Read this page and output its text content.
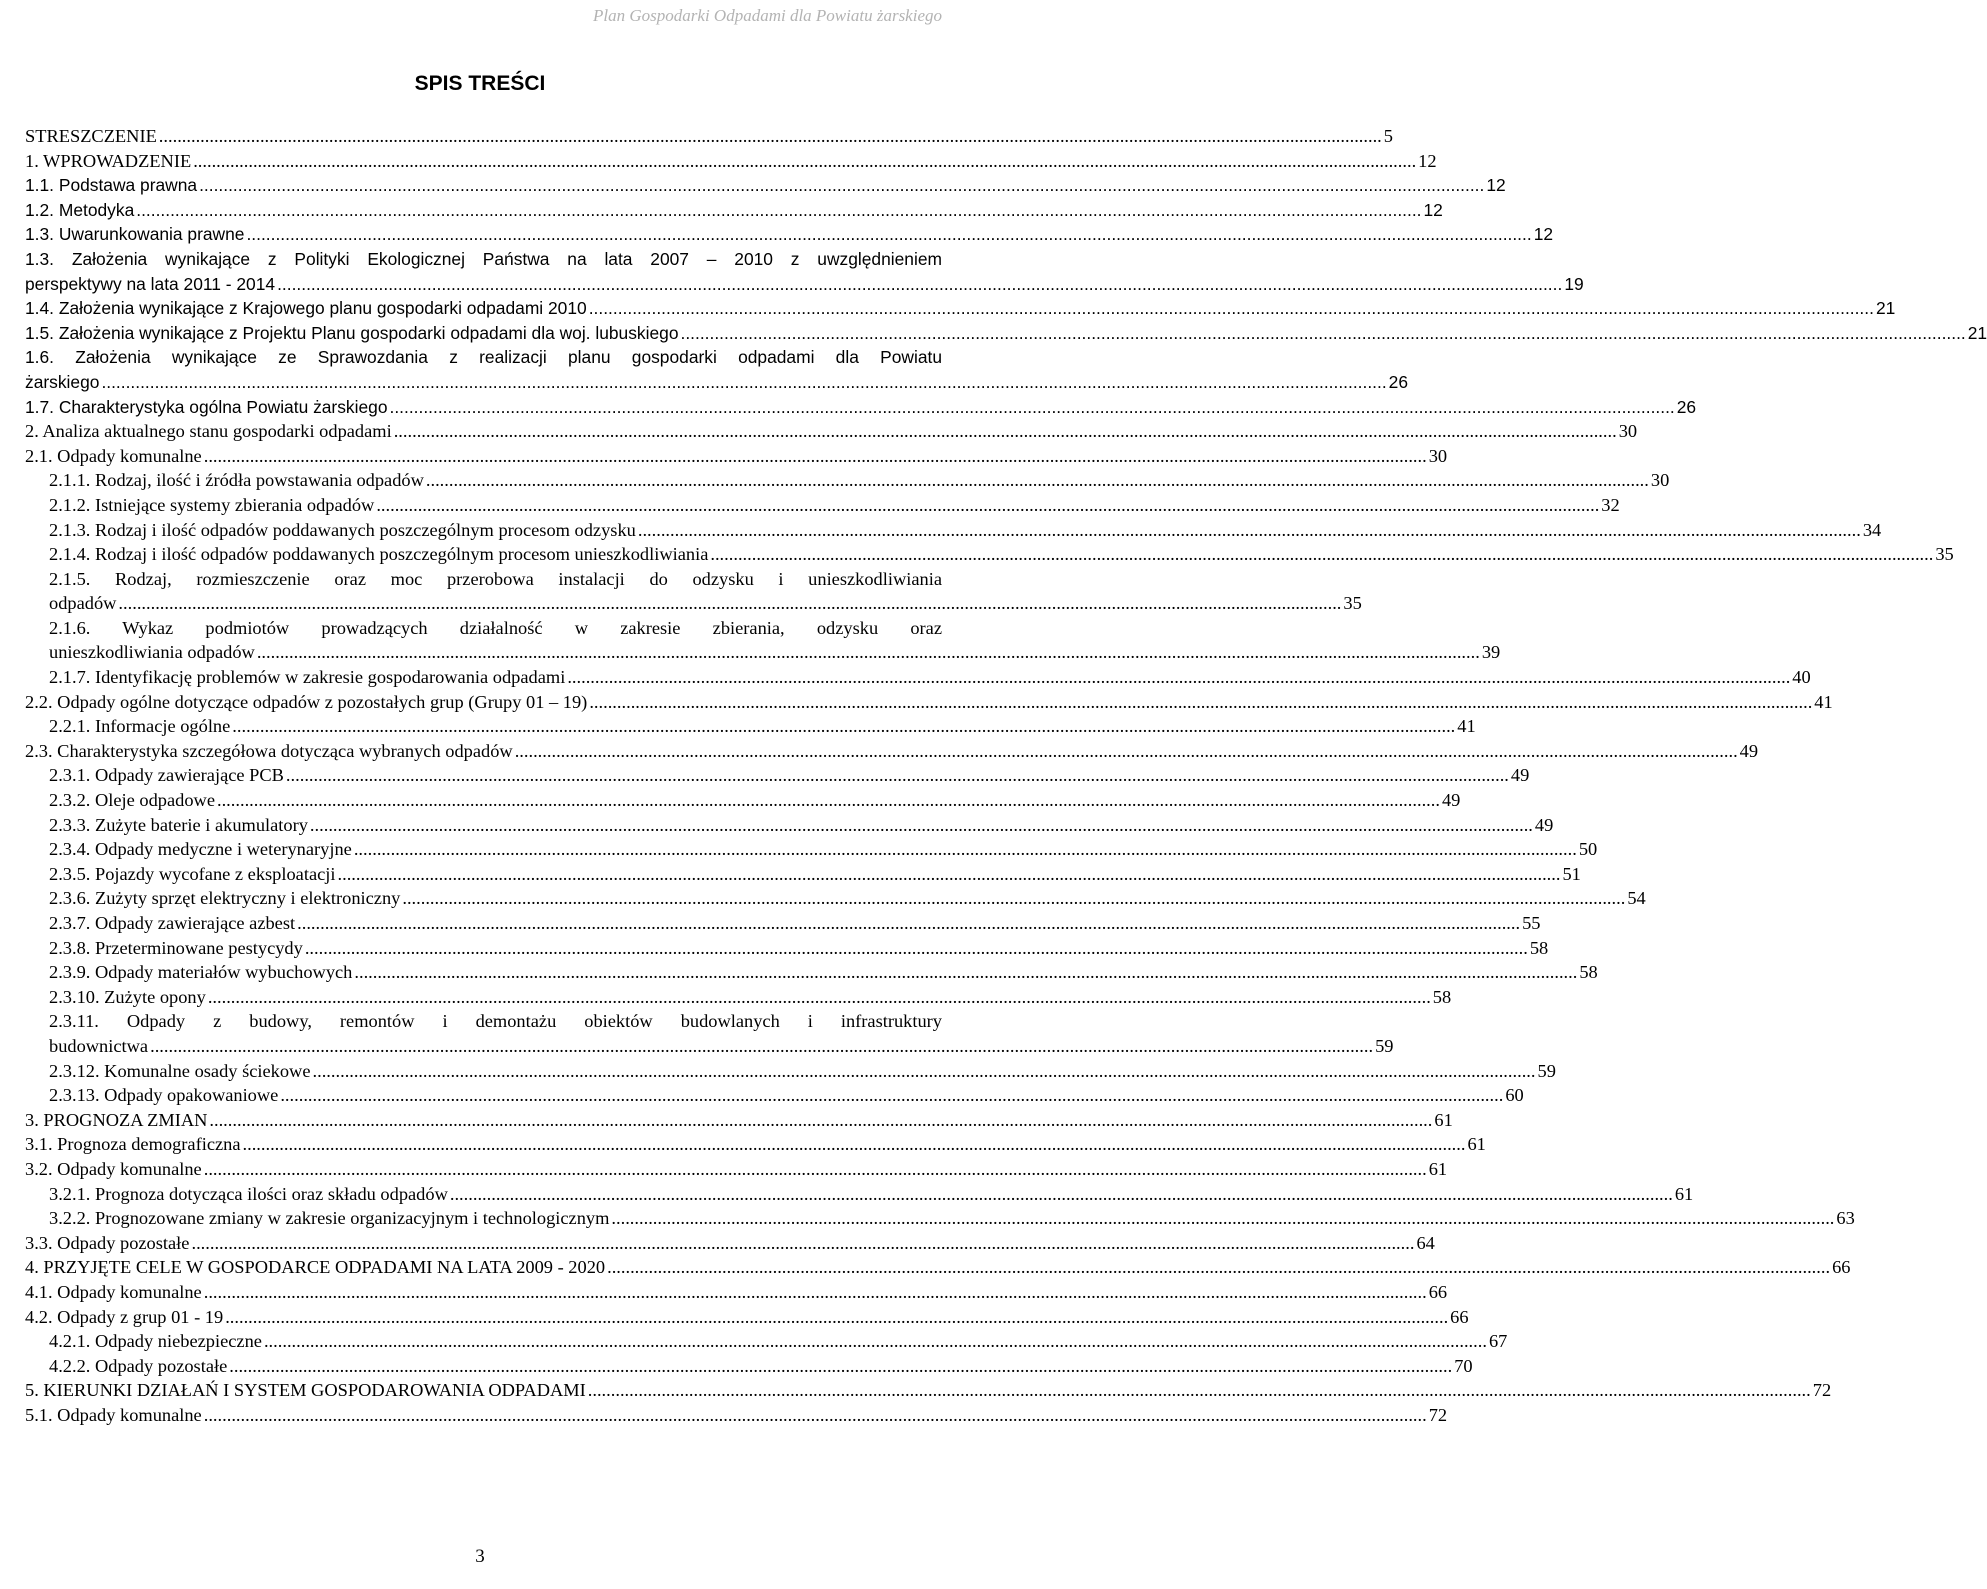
Plan Gospodarki Odpadami dla Powiatu żarskiego
SPIS TREŚCI
STRESZCZENIE .......................................................................................................................................................................................................................................................................... 5
1. WPROWADZENIE .......................................................................................................................................................................................................................................................................... 12
1.1. Podstawa prawna .......................................................................................................................................................................................................................................................................... 12
1.2. Metodyka .......................................................................................................................................................................................................................................................................... 12
1.3. Uwarunkowania prawne .......................................................................................................................................................................................................................................................................... 12
1.3. Założenia wynikające z Polityki Ekologicznej Państwa na lata 2007 – 2010 z uwzględnieniem
perspektywy na lata 2011 - 2014 .......................................................................................................................................................................................................................................................................... 19
1.4. Założenia wynikające z Krajowego planu gospodarki odpadami 2010 .......................................................................................................................................................................................................................................................................... 21
1.5. Założenia wynikające z Projektu Planu gospodarki odpadami dla woj. lubuskiego .......................................................................................................................................................................................................................................................................... 21
1.6. Założenia wynikające ze Sprawozdania z realizacji planu gospodarki odpadami dla Powiatu
żarskiego .......................................................................................................................................................................................................................................................................... 26
1.7. Charakterystyka ogólna Powiatu żarskiego .......................................................................................................................................................................................................................................................................... 26
2. Analiza aktualnego stanu gospodarki odpadami .......................................................................................................................................................................................................................................................................... 30
2.1. Odpady komunalne .......................................................................................................................................................................................................................................................................... 30
2.1.1. Rodzaj, ilość i źródła powstawania odpadów .......................................................................................................................................................................................................................................................................... 30
2.1.2. Istniejące systemy zbierania odpadów .......................................................................................................................................................................................................................................................................... 32
2.1.3. Rodzaj i ilość odpadów poddawanych poszczególnym procesom odzysku .......................................................................................................................................................................................................................................................................... 34
2.1.4. Rodzaj i ilość odpadów poddawanych poszczególnym procesom unieszkodliwiania .......................................................................................................................................................................................................................................................................... 35
2.1.5. Rodzaj, rozmieszczenie oraz moc przerobowa instalacji do odzysku i unieszkodliwiania
odpadów .......................................................................................................................................................................................................................................................................... 35
2.1.6. Wykaz podmiotów prowadzących działalność w zakresie zbierania, odzysku oraz
unieszkodliwiania odpadów .......................................................................................................................................................................................................................................................................... 39
2.1.7. Identyfikację problemów w zakresie gospodarowania odpadami .......................................................................................................................................................................................................................................................................... 40
2.2. Odpady ogólne dotyczące odpadów z pozostałych grup (Grupy 01 – 19) .......................................................................................................................................................................................................................................................................... 41
2.2.1. Informacje ogólne .......................................................................................................................................................................................................................................................................... 41
2.3. Charakterystyka szczegółowa dotycząca wybranych odpadów .......................................................................................................................................................................................................................................................................... 49
2.3.1. Odpady zawierające PCB .......................................................................................................................................................................................................................................................................... 49
2.3.2. Oleje odpadowe .......................................................................................................................................................................................................................................................................... 49
2.3.3. Zużyte baterie i akumulatory .......................................................................................................................................................................................................................................................................... 49
2.3.4. Odpady medyczne i weterynaryjne .......................................................................................................................................................................................................................................................................... 50
2.3.5. Pojazdy wycofane z eksploatacji .......................................................................................................................................................................................................................................................................... 51
2.3.6. Zużyty sprzęt elektryczny i elektroniczny .......................................................................................................................................................................................................................................................................... 54
2.3.7. Odpady zawierające azbest .......................................................................................................................................................................................................................................................................... 55
2.3.8. Przeterminowane pestycydy .......................................................................................................................................................................................................................................................................... 58
2.3.9. Odpady materiałów wybuchowych .......................................................................................................................................................................................................................................................................... 58
2.3.10. Zużyte opony .......................................................................................................................................................................................................................................................................... 58
2.3.11. Odpady z budowy, remontów i demontażu obiektów budowlanych i infrastruktury
budownictwa .......................................................................................................................................................................................................................................................................... 59
2.3.12. Komunalne osady ściekowe .......................................................................................................................................................................................................................................................................... 59
2.3.13. Odpady opakowaniowe .......................................................................................................................................................................................................................................................................... 60
3. PROGNOZA ZMIAN .......................................................................................................................................................................................................................................................................... 61
3.1. Prognoza demograficzna .......................................................................................................................................................................................................................................................................... 61
3.2. Odpady komunalne .......................................................................................................................................................................................................................................................................... 61
3.2.1. Prognoza dotycząca ilości oraz składu odpadów .......................................................................................................................................................................................................................................................................... 61
3.2.2. Prognozowane zmiany w zakresie organizacyjnym i technologicznym .......................................................................................................................................................................................................................................................................... 63
3.3. Odpady pozostałe .......................................................................................................................................................................................................................................................................... 64
4. PRZYJĘTE CELE W GOSPODARCE ODPADAMI NA LATA 2009 - 2020 .......................................................................................................................................................................................................................................................................... 66
4.1. Odpady komunalne .......................................................................................................................................................................................................................................................................... 66
4.2. Odpady z grup 01 - 19 .......................................................................................................................................................................................................................................................................... 66
4.2.1. Odpady niebezpieczne .......................................................................................................................................................................................................................................................................... 67
4.2.2. Odpady pozostałe .......................................................................................................................................................................................................................................................................... 70
5. KIERUNKI DZIAŁAŃ I SYSTEM GOSPODAROWANIA ODPADAMI .......................................................................................................................................................................................................................................................................... 72
5.1. Odpady komunalne .......................................................................................................................................................................................................................................................................... 72
3
